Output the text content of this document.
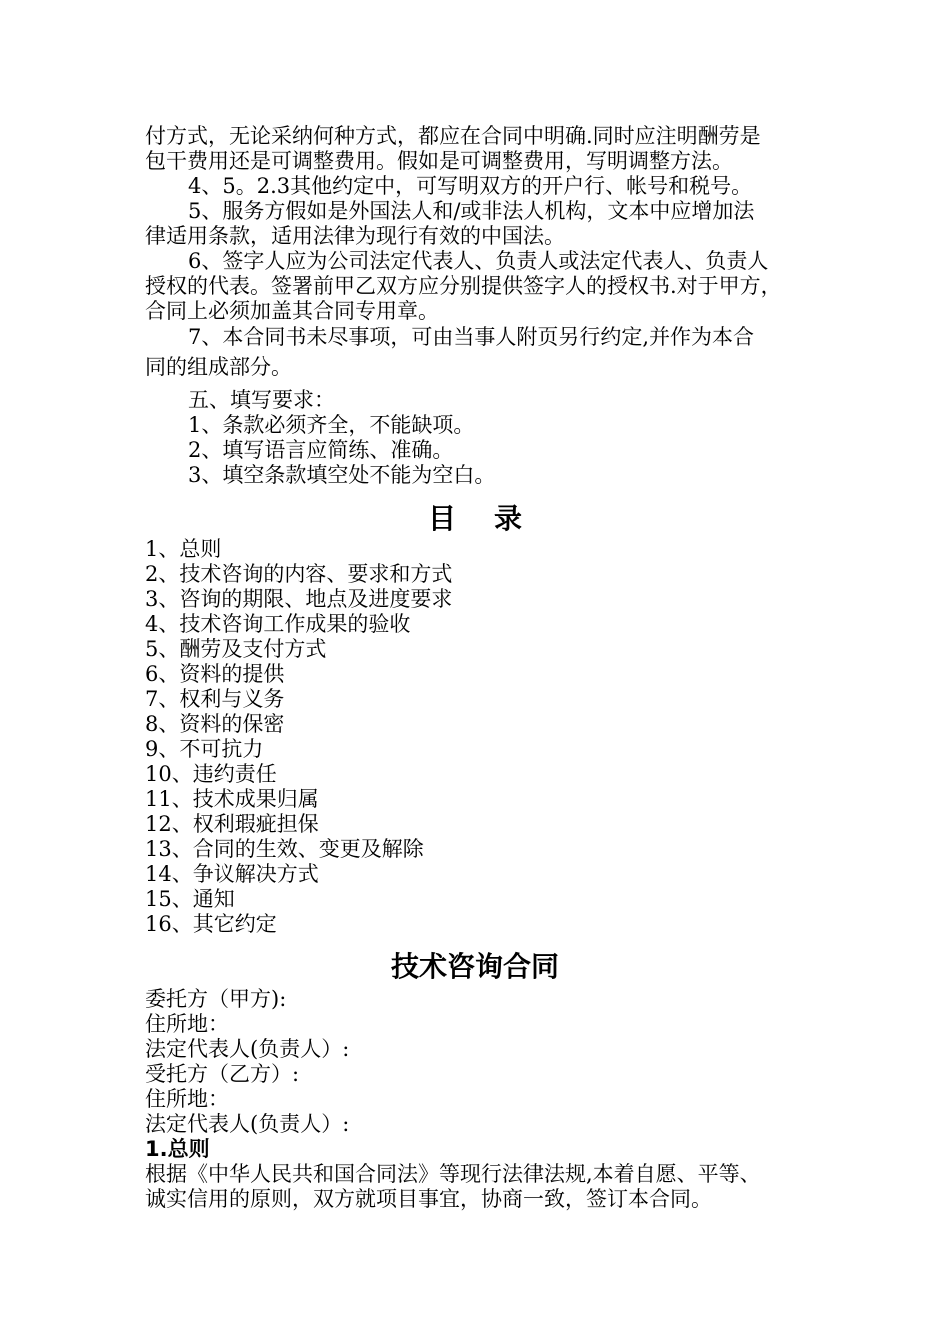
付方式，无论采纳何种方式，都应在合同中明确.同时应注明酬劳是
包干费用还是可调整费用。假如是可调整费用，写明调整方法。
4、5。2.3其他约定中，可写明双方的开户行、帐号和税号。
5、服务方假如是外国法人和/或非法人机构，文本中应增加法
律适用条款，适用法律为现行有效的中国法。
6、签字人应为公司法定代表人、负责人或法定代表人、负责人
授权的代表。签署前甲乙双方应分别提供签字人的授权书.对于甲方，
合同上必须加盖其合同专用章。
7、本合同书未尽事项，可由当事人附页另行约定,并作为本合
同的组成部分。
五、填写要求：
1、条款必须齐全，不能缺项。
2、填写语言应简练、准确。
3、填空条款填空处不能为空白。
目录
1、总则
2、技术咨询的内容、要求和方式
3、咨询的期限、地点及进度要求
4、技术咨询工作成果的验收
5、酬劳及支付方式
6、资料的提供
7、权利与义务
8、资料的保密
9、不可抗力
10、违约责任
11、技术成果归属
12、权利瑕疵担保
13、合同的生效、变更及解除
14、争议解决方式
15、通知
16、其它约定
技术咨询合同
委托方（甲方):
住所地：
法定代表人(负责人）:
受托方（乙方）:
住所地：
法定代表人(负责人）:
1.总则
根据《中华人民共和国合同法》等现行法律法规,本着自愿、平等、
诚实信用的原则，双方就项目事宜，协商一致，签订本合同。
